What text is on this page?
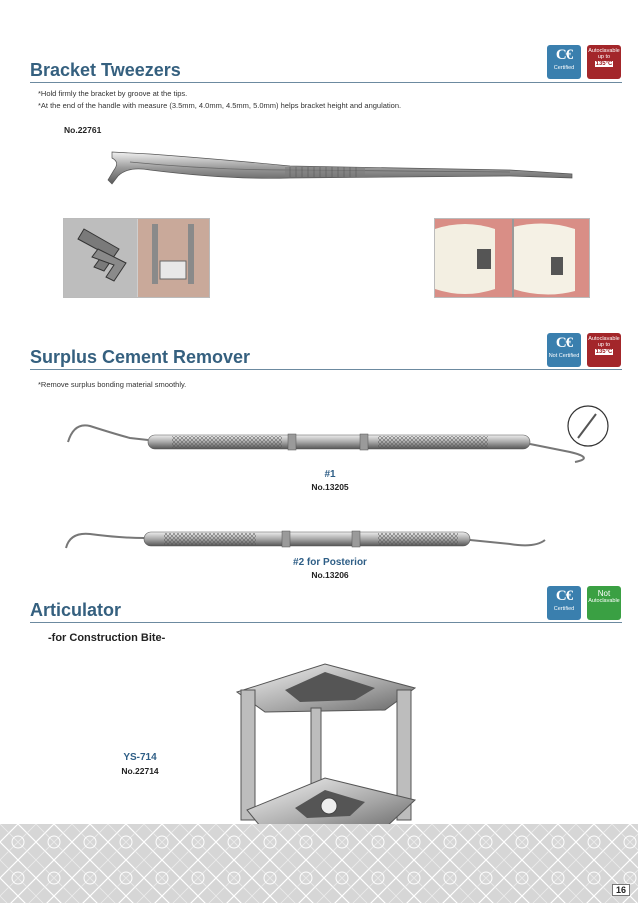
Bracket Tweezers
C€
Certified
Autoclavable
up to
135°C
*Hold firmly the bracket by groove at the tips.
*At the end of the handle with measure (3.5mm, 4.0mm, 4.5mm, 5.0mm) helps bracket height and angulation.
No.22761
Surplus Cement Remover
C€
Not Certified
Autoclavable
up to
135°C
*Remove surplus bonding material smoothly.
#1
No.13205
#2 for Posterior
No.13206
Articulator
C€
Certified
Not
Autoclavable
-for Construction Bite-
YS-714
No.22714
16
